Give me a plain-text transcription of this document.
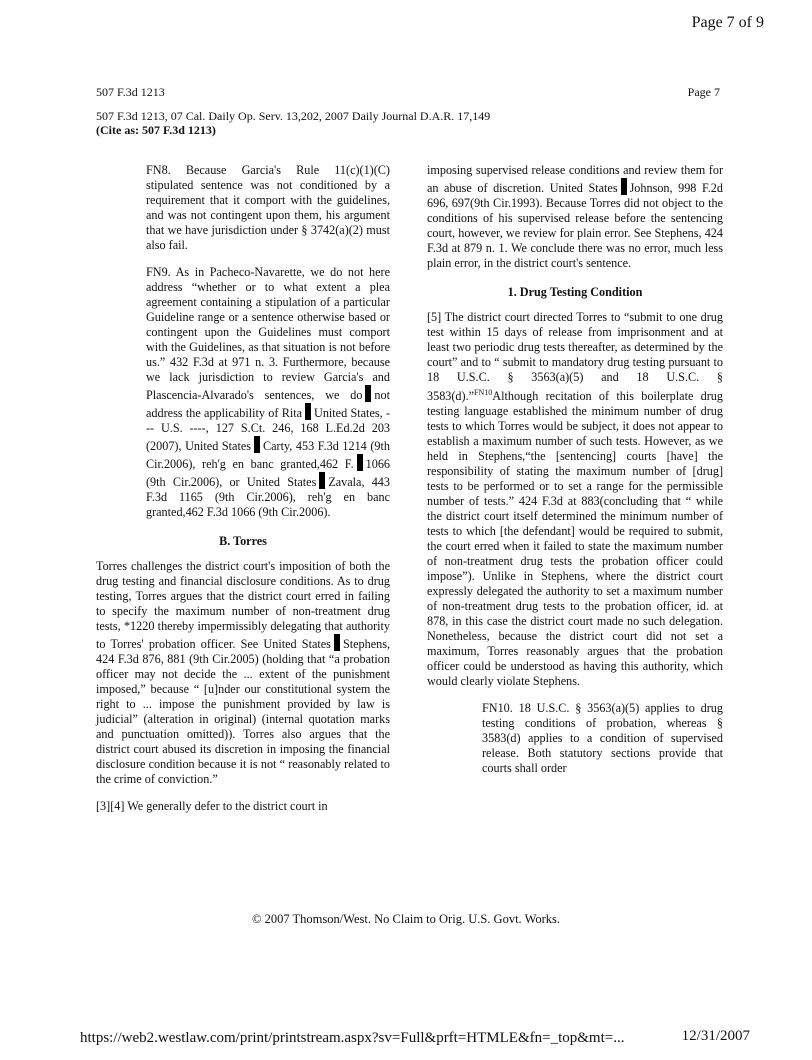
Page 7 of 9
507 F.3d 1213	Page 7
507 F.3d 1213, 07 Cal. Daily Op. Serv. 13,202, 2007 Daily Journal D.A.R. 17,149
(Cite as: 507 F.3d 1213)

FN8. Because Garcia's Rule 11(c)(1)(C) stipulated sentence was not conditioned by a requirement that it comport with the guidelines, and was not contingent upon them, his argument that we have jurisdiction under § 3742(a)(2) must also fail.

FN9. As in Pacheco-Navarette, we do not here address “whether or to what extent a plea agreement containing a stipulation of a particular Guideline range or a sentence otherwise based or contingent upon the Guidelines must comport with the Guidelines, as that situation is not before us.” 432 F.3d at 971 n. 3. Furthermore, because we lack jurisdiction to review Garcia's and Plascencia-Alvarado's sentences, we do not address the applicability of Rita United States, --- U.S. ----, 127 S.Ct. 246, 168 L.Ed.2d 203 (2007), United States Carty, 453 F.3d 1214 (9th Cir.2006), reh'g en banc granted,462 F. 1066 (9th Cir.2006), or United States Zavala, 443 F.3d 1165 (9th Cir.2006), reh'g en banc granted,462 F.3d 1066 (9th Cir.2006).

B. Torres

Torres challenges the district court's imposition of both the drug testing and financial disclosure conditions. As to drug testing, Torres argues that the district court erred in failing to specify the maximum number of non-treatment drug tests, *1220 thereby impermissibly delegating that authority to Torres' probation officer. See United States Stephens, 424 F.3d 876, 881 (9th Cir.2005) (holding that “a probation officer may not decide the ... extent of the punishment imposed,” because “ [u]nder our constitutional system the right to ... impose the punishment provided by law is judicial” (alteration in original) (internal quotation marks and punctuation omitted)). Torres also argues that the district court abused its discretion in imposing the financial disclosure condition because it is not “ reasonably related to the crime of conviction.”

[3][4] We generally defer to the district court in

imposing supervised release conditions and review them for an abuse of discretion. United States Johnson, 998 F.2d 696, 697(9th Cir.1993). Because Torres did not object to the conditions of his supervised release before the sentencing court, however, we review for plain error. See Stephens, 424 F.3d at 879 n. 1. We conclude there was no error, much less plain error, in the district court's sentence.

1. Drug Testing Condition

[5] The district court directed Torres to “submit to one drug test within 15 days of release from imprisonment and at least two periodic drug tests thereafter, as determined by the court” and to “ submit to mandatory drug testing pursuant to 18 U.S.C. § 3563(a)(5) and 18 U.S.C. § 3583(d).”$^{FN10}$Although recitation of this boilerplate drug testing language established the minimum number of drug tests to which Torres would be subject, it does not appear to establish a maximum number of such tests. However, as we held in Stephens,“the [sentencing] courts [have] the responsibility of stating the maximum number of [drug] tests to be performed or to set a range for the permissible number of tests.” 424 F.3d at 883(concluding that “ while the district court itself determined the minimum number of tests to which [the defendant] would be required to submit, the court erred when it failed to state the maximum number of non-treatment drug tests the probation officer could impose”). Unlike in Stephens, where the district court expressly delegated the authority to set a maximum number of non-treatment drug tests to the probation officer, id. at 878, in this case the district court made no such delegation. Nonetheless, because the district court did not set a maximum, Torres reasonably argues that the probation officer could be understood as having this authority, which would clearly violate Stephens.

FN10. 18 U.S.C. § 3563(a)(5) applies to drug testing conditions of probation, whereas § 3583(d) applies to a condition of supervised release. Both statutory sections provide that courts shall order

© 2007 Thomson/West. No Claim to Orig. U.S. Govt. Works.
https://web2.westlaw.com/print/printstream.aspx?sv=Full&prft=HTMLE&fn=_top&mt=...	12/31/2007
